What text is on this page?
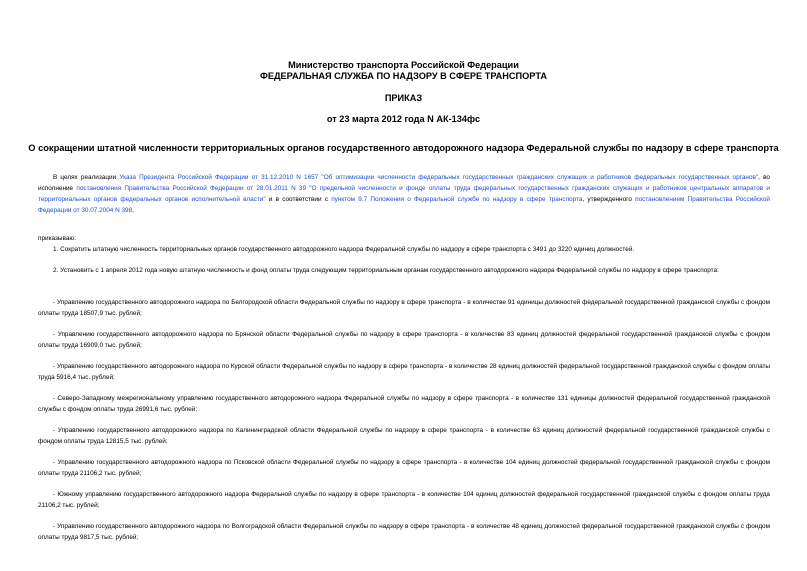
Министерство транспорта Российской Федерации
ФЕДЕРАЛЬНАЯ СЛУЖБА ПО НАДЗОРУ В СФЕРЕ ТРАНСПОРТА
ПРИКАЗ
от 23 марта 2012 года N АК-134фс
О сокращении штатной численности территориальных органов государственного автодорожного надзора Федеральной службы по надзору в сфере транспорта
В целях реализации Указа Президента Российской Федерации от 31.12.2010 N 1657 "Об оптимизации численности федеральных государственных гражданских служащих и работников федеральных государственных органов", во исполнение постановления Правительства Российской Федерации от 28.01.2011 N 39 "О предельной численности и фонде оплаты труда федеральных государственных гражданских служащих и работников центральных аппаратов и территориальных органов федеральных органов исполнительной власти" и в соответствии с пунктом 9.7 Положения о Федеральной службе по надзору в сфере транспорта, утвержденного постановлением Правительства Российской Федерации от 30.07.2004 N 398,
приказываю:
1. Сократить штатную численность территориальных органов государственного автодорожного надзора Федеральной службы по надзору в сфере транспорта с 3491 до 3220 единиц должностей.
2. Установить с 1 апреля 2012 года новую штатную численность и фонд оплаты труда следующим территориальным органам государственного автодорожного надзора Федеральной службы по надзору в сфере транспорта:
- Управлению государственного автодорожного надзора по Белгородской области Федеральной службы по надзору в сфере транспорта - в количестве 91 единицы должностей федеральной государственной гражданской службы с фондом оплаты труда 18507,9 тыс. рублей;
- Управлению государственного автодорожного надзора по Брянской области Федеральной службы по надзору в сфере транспорта - в количестве 83 единиц должностей федеральной государственной гражданской службы с фондом оплаты труда 16909,0 тыс. рублей;
- Управлению государственного автодорожного надзора по Курской области Федеральной службы по надзору в сфере транспорта - в количестве 28 единиц должностей федеральной государственной гражданской службы с фондом оплаты труда 5916,4 тыс. рублей;
- Северо-Западному межрегиональному управлению государственного автодорожного надзора Федеральной службы по надзору в сфере транспорта - в количестве 131 единицы должностей федеральной государственной гражданской службы с фондом оплаты труда 26991,6 тыс. рублей;
- Управлению государственного автодорожного надзора по Калининградской области Федеральной службы по надзору в сфере транспорта - в количестве 63 единиц должностей федеральной государственной гражданской службы с фондом оплаты труда 12815,5 тыс. рублей;
- Управлению государственного автодорожного надзора по Псковской области Федеральной службы по надзору в сфере транспорта - в количестве 104 единиц должностей федеральной государственной гражданской службы с фондом оплаты труда 21106,2 тыс. рублей;
- Южному управлению государственного автодорожного надзора Федеральной службы по надзору в сфере транспорта - в количестве 104 единиц должностей федеральной государственной гражданской службы с фондом оплаты труда 21106,2 тыс. рублей;
- Управлению государственного автодорожного надзора по Волгоградской области Федеральной службы по надзору в сфере транспорта - в количестве 48 единиц должностей федеральной государственной гражданской службы с фондом оплаты труда 9817,5 тыс. рублей;
